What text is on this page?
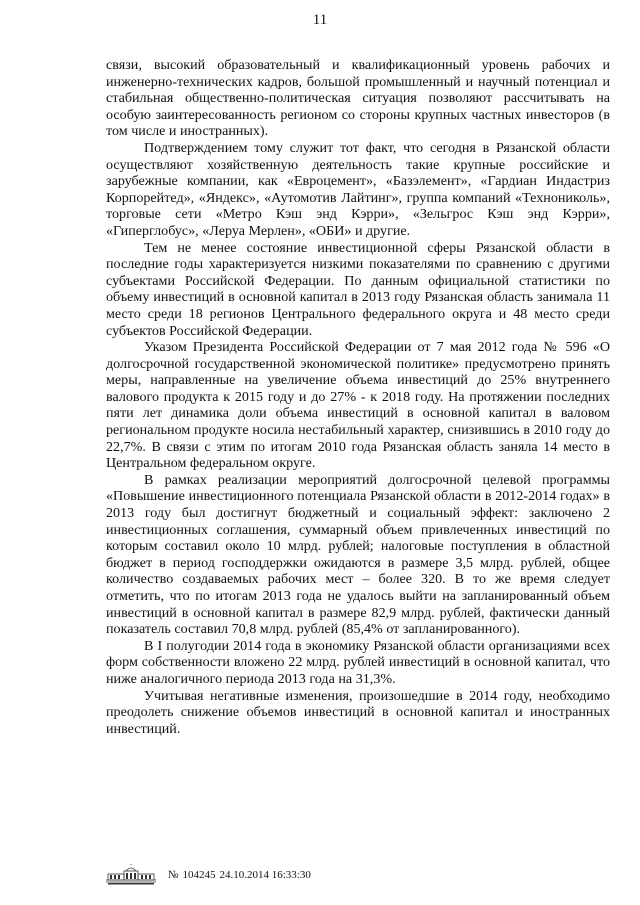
11

связи, высокий образовательный и квалификационный уровень рабочих и инженерно-технических кадров, большой промышленный и научный потенциал и стабильная общественно-политическая ситуация позволяют рассчитывать на особую заинтересованность регионом со стороны крупных частных инвесторов (в том числе и иностранных).

Подтверждением тому служит тот факт, что сегодня в Рязанской области осуществляют хозяйственную деятельность такие крупные российские и зарубежные компании, как «Евроцемент», «Базэлемент», «Гардиан Индастриз Корпорейтед», «Яндекс», «Аутомотив Лайтинг», группа компаний «Технониколь», торговые сети «Метро Кэш энд Кэрри», «Зельгрос Кэш энд Кэрри», «Гиперглобус», «Леруа Мерлен», «ОБИ» и другие.

Тем не менее состояние инвестиционной сферы Рязанской области в последние годы характеризуется низкими показателями по сравнению с другими субъектами Российской Федерации. По данным официальной статистики по объему инвестиций в основной капитал в 2013 году Рязанская область занимала 11 место среди 18 регионов Центрального федерального округа и 48 место среди субъектов Российской Федерации.

Указом Президента Российской Федерации от 7 мая 2012 года № 596 «О долгосрочной государственной экономической политике» предусмотрено принять меры, направленные на увеличение объема инвестиций до 25% внутреннего валового продукта к 2015 году и до 27% - к 2018 году. На протяжении последних пяти лет динамика доли объема инвестиций в основной капитал в валовом региональном продукте носила нестабильный характер, снизившись в 2010 году до 22,7%. В связи с этим по итогам 2010 года Рязанская область заняла 14 место в Центральном федеральном округе.

В рамках реализации мероприятий долгосрочной целевой программы «Повышение инвестиционного потенциала Рязанской области в 2012-2014 годах» в 2013 году был достигнут бюджетный и социальный эффект: заключено 2 инвестиционных соглашения, суммарный объем привлеченных инвестиций по которым составил около 10 млрд. рублей; налоговые поступления в областной бюджет в период господдержки ожидаются в размере 3,5 млрд. рублей, общее количество создаваемых рабочих мест – более 320. В то же время следует отметить, что по итогам 2013 года не удалось выйти на запланированный объем инвестиций в основной капитал в размере 82,9 млрд. рублей, фактически данный показатель составил 70,8 млрд. рублей (85,4% от запланированного).

В I полугодии 2014 года в экономику Рязанской области организациями всех форм собственности вложено 22 млрд. рублей инвестиций в основной капитал, что ниже аналогичного периода 2013 года на 31,3%.

Учитывая негативные изменения, произошедшие в 2014 году, необходимо преодолеть снижение объемов инвестиций в основной капитал и иностранных инвестиций.

№ 104245 24.10.2014 16:33:30
